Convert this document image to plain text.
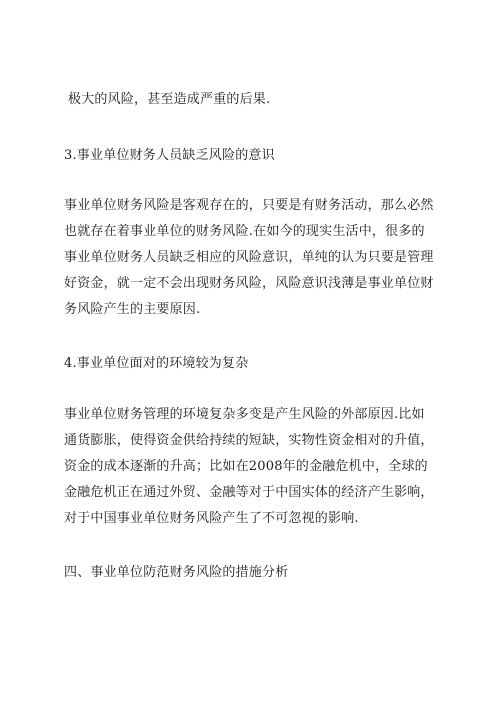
极大的风险，甚至造成严重的后果.
3.事业单位财务人员缺乏风险的意识
事业单位财务风险是客观存在的，只要是有财务活动，那么必然
也就存在着事业单位的财务风险.在如今的现实生活中，很多的
事业单位财务人员缺乏相应的风险意识，单纯的认为只要是管理
好资金，就一定不会出现财务风险，风险意识浅薄是事业单位财
务风险产生的主要原因.
4.事业单位面对的环境较为复杂
事业单位财务管理的环境复杂多变是产生风险的外部原因.比如
通货膨胀，使得资金供给持续的短缺，实物性资金相对的升值，
资金的成本逐渐的升高；比如在2008年的金融危机中，全球的
金融危机正在通过外贸、金融等对于中国实体的经济产生影响，
对于中国事业单位财务风险产生了不可忽视的影响.
四、事业单位防范财务风险的措施分析
